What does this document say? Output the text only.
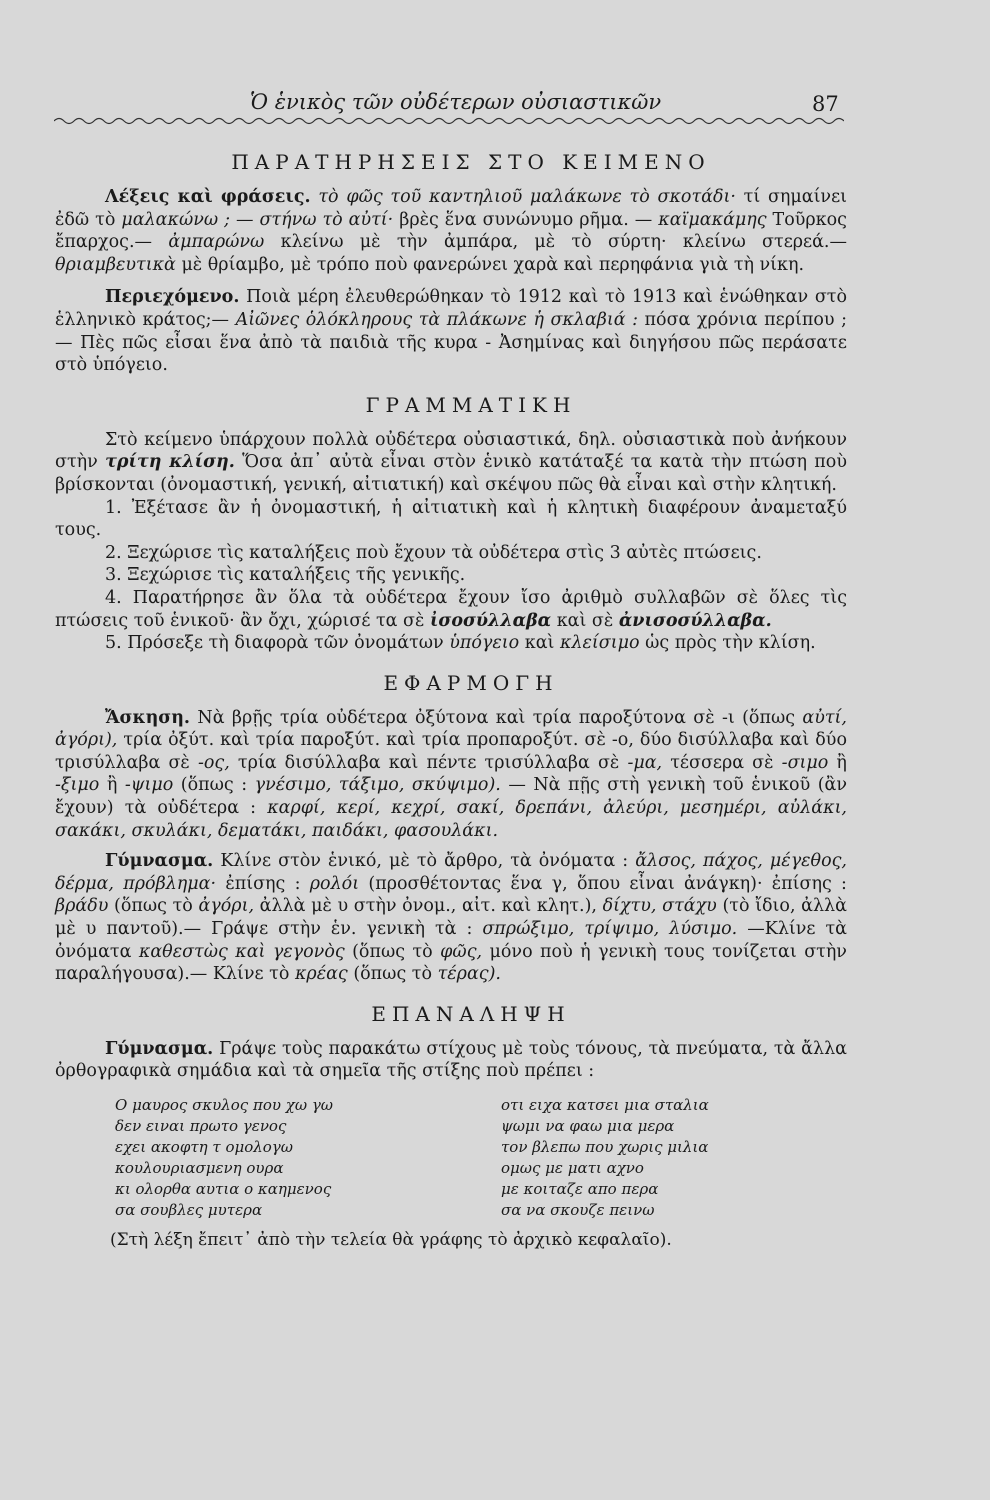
Ὁ ἑνικὸς τῶν οὐδέτερων οὐσιαστικῶν	87
ΠΑΡΑΤΗΡΗΣΕΙΣ ΣΤΟ ΚΕΙΜΕΝΟ

Λέξεις καὶ φράσεις. τὸ φῶς τοῦ καντηλιοῦ μαλάκωνε τὸ σκοτάδι· τί σημαίνει ἐδῶ τὸ μαλακώνω ; — στήνω τὸ αὐτί· βρὲς ἕνα συνώνυμο ρῆμα. — καϊμακάμης Τοῦρκος ἔπαρχος.— ἀμπαρώνω κλείνω μὲ τὴν ἀμπάρα, μὲ τὸ σύρτη· κλείνω στερεά.— θριαμβευτικὰ μὲ θρίαμβο, μὲ τρόπο ποὺ φανερώνει χαρὰ καὶ περηφάνια γιὰ τὴ νίκη.

Περιεχόμενο. Ποιὰ μέρη ἐλευθερώθηκαν τὸ 1912 καὶ τὸ 1913 καὶ ἑνώθηκαν στὸ ἑλληνικὸ κράτος;— Αἰῶνες ὁλόκληρους τὰ πλάκωνε ἡ σκλαβιά : πόσα χρόνια περίπου ;— Πὲς πῶς εἶσαι ἕνα ἀπὸ τὰ παιδιὰ τῆς κυρα - Ἀσημίνας καὶ διηγήσου πῶς περάσατε στὸ ὑπόγειο.

ΓΡΑΜΜΑΤΙΚΗ

Στὸ κείμενο ὑπάρχουν πολλὰ οὐδέτερα οὐσιαστικά, δηλ. οὐσιαστικὰ ποὺ ἀνήκουν στὴν τρίτη κλίση. Ὅσα ἀπ᾽ αὐτὰ εἶναι στὸν ἑνικὸ κατάταξέ τα κατὰ τὴν πτώση ποὺ βρίσκονται (ὀνομαστική, γενική, αἰτιατική) καὶ σκέψου πῶς θὰ εἶναι καὶ στὴν κλητική.

1. Ἐξέτασε ἂν ἡ ὀνομαστική, ἡ αἰτιατικὴ καὶ ἡ κλητικὴ διαφέρουν ἀναμεταξύ τους.

2. Ξεχώρισε τὶς καταλήξεις ποὺ ἔχουν τὰ οὐδέτερα στὶς 3 αὐτὲς πτώσεις.

3. Ξεχώρισε τὶς καταλήξεις τῆς γενικῆς.

4. Παρατήρησε ἂν ὅλα τὰ οὐδέτερα ἔχουν ἴσο ἀριθμὸ συλλαβῶν σὲ ὅλες τὶς πτώσεις τοῦ ἑνικοῦ· ἂν ὄχι, χώρισέ τα σὲ ἰσοσύλλαβα καὶ σὲ ἀνισοσύλλαβα.

5. Πρόσεξε τὴ διαφορὰ τῶν ὀνομάτων ὑπόγειο καὶ κλείσιμο ὡς πρὸς τὴν κλίση.

ΕΦΑΡΜΟΓΗ

Ἄσκηση. Νὰ βρῇς τρία οὐδέτερα ὀξύτονα καὶ τρία παροξύτονα σὲ -ι (ὅπως αὐτί, ἀγόρι), τρία ὀξύτ. καὶ τρία παροξύτ. καὶ τρία προπαροξύτ. σὲ -ο, δύο δισύλλαβα καὶ δύο τρισύλλαβα σὲ -ος, τρία δισύλλαβα καὶ πέντε τρισύλλαβα σὲ -μα, τέσσερα σὲ -σιμο ἢ -ξιμο ἢ -ψιμο (ὅπως : γνέσιμο, τάξιμο, σκύψιμο). — Νὰ πῇς στὴ γενικὴ τοῦ ἑνικοῦ (ἂν ἔχουν) τὰ οὐδέτερα : καρφί, κερί, κεχρί, σακί, δρεπάνι, ἀλεύρι, μεσημέρι, αὐλάκι, σακάκι, σκυλάκι, δεματάκι, παιδάκι, φασουλάκι.

Γύμνασμα. Κλίνε στὸν ἑνικό, μὲ τὸ ἄρθρο, τὰ ὀνόματα : ἄλσος, πάχος, μέγεθος, δέρμα, πρόβλημα· ἐπίσης : ρολόι (προσθέτοντας ἕνα γ, ὅπου εἶναι ἀνάγκη)· ἐπίσης : βράδυ (ὅπως τὸ ἀγόρι, ἀλλὰ μὲ υ στὴν ὀνομ., αἰτ. καὶ κλητ.), δίχτυ, στάχυ (τὸ ἴδιο, ἀλλὰ μὲ υ παντοῦ).— Γράψε στὴν ἑν. γενικὴ τὰ : σπρώξιμο, τρίψιμο, λύσιμο. —Κλίνε τὰ ὀνόματα καθεστὼς καὶ γεγονὸς (ὅπως τὸ φῶς, μόνο ποὺ ἡ γενικὴ τους τονίζεται στὴν παραλήγουσα).— Κλίνε τὸ κρέας (ὅπως τὸ τέρας).

ΕΠΑΝΑΛΗΨΗ

Γύμνασμα. Γράψε τοὺς παρακάτω στίχους μὲ τοὺς τόνους, τὰ πνεύματα, τὰ ἄλλα ὀρθογραφικὰ σημάδια καὶ τὰ σημεῖα τῆς στίξης ποὺ πρέπει :

Ο μαυρος σκυλος που χω γω
δεν ειναι πρωτο γενος
εχει ακοφτη τ ομολογω
κουλουριασμενη ουρα
κι ολορθα αυτια ο καημενος
σα σουβλες μυτερα
οτι ειχα κατσει μια σταλια
ψωμι να φαω μια μερα
τον βλεπω που χωρις μιλια
ομως με ματι αχνο
με κοιταζε απο περα
σα να σκουζε πεινω

(Στὴ λέξη ἔπειτ᾽ ἀπὸ τὴν τελεία θὰ γράφης τὸ ἀρχικὸ κεφαλαῖο).
